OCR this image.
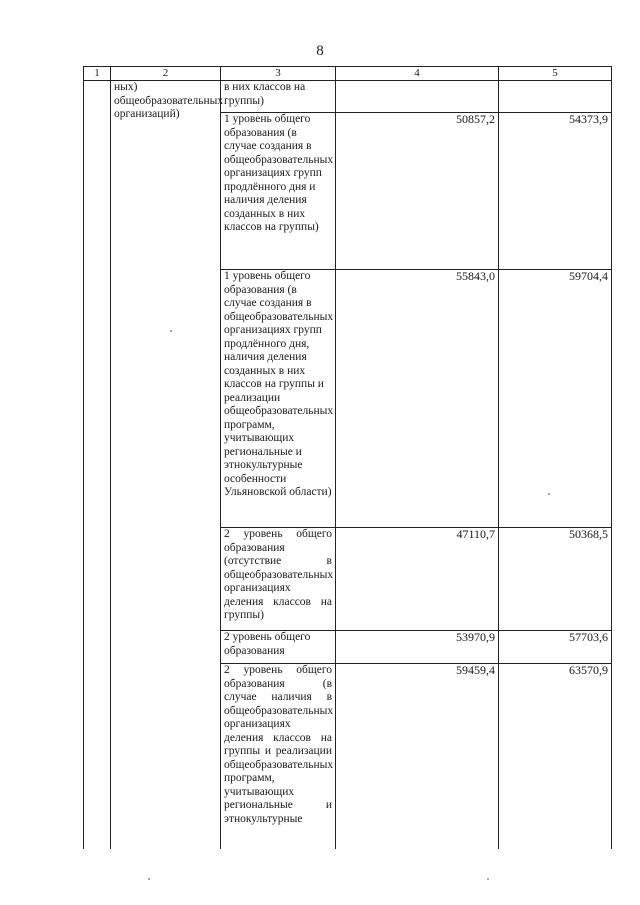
8
1	2	3	4	5
	ных) общеобразовательных организаций)	в них классов на группы)		
		1 уровень общего образования (в случае создания в общеобразовательных организациях групп продлённого дня и наличия деления созданных в них классов на группы)	50857,2	54373,9
		1 уровень общего образования (в случае создания в общеобразовательных организациях групп продлённого дня, наличия деления созданных в них классов на группы и реализации общеобразовательных программ, учитывающих региональные и этнокультурные особенности Ульяновской области)	55843,0	59704,4
		2 уровень общего образования (отсутствие в общеобразовательных организациях деления классов на группы)	47110,7	50368,5
		2 уровень общего образования	53970,9	57703,6
		2 уровень общего образования (в случае наличия в общеобразовательных организациях деления классов на группы и реализации общеобразовательных программ, учитывающих региональные и этнокультурные	59459,4	63570,9
